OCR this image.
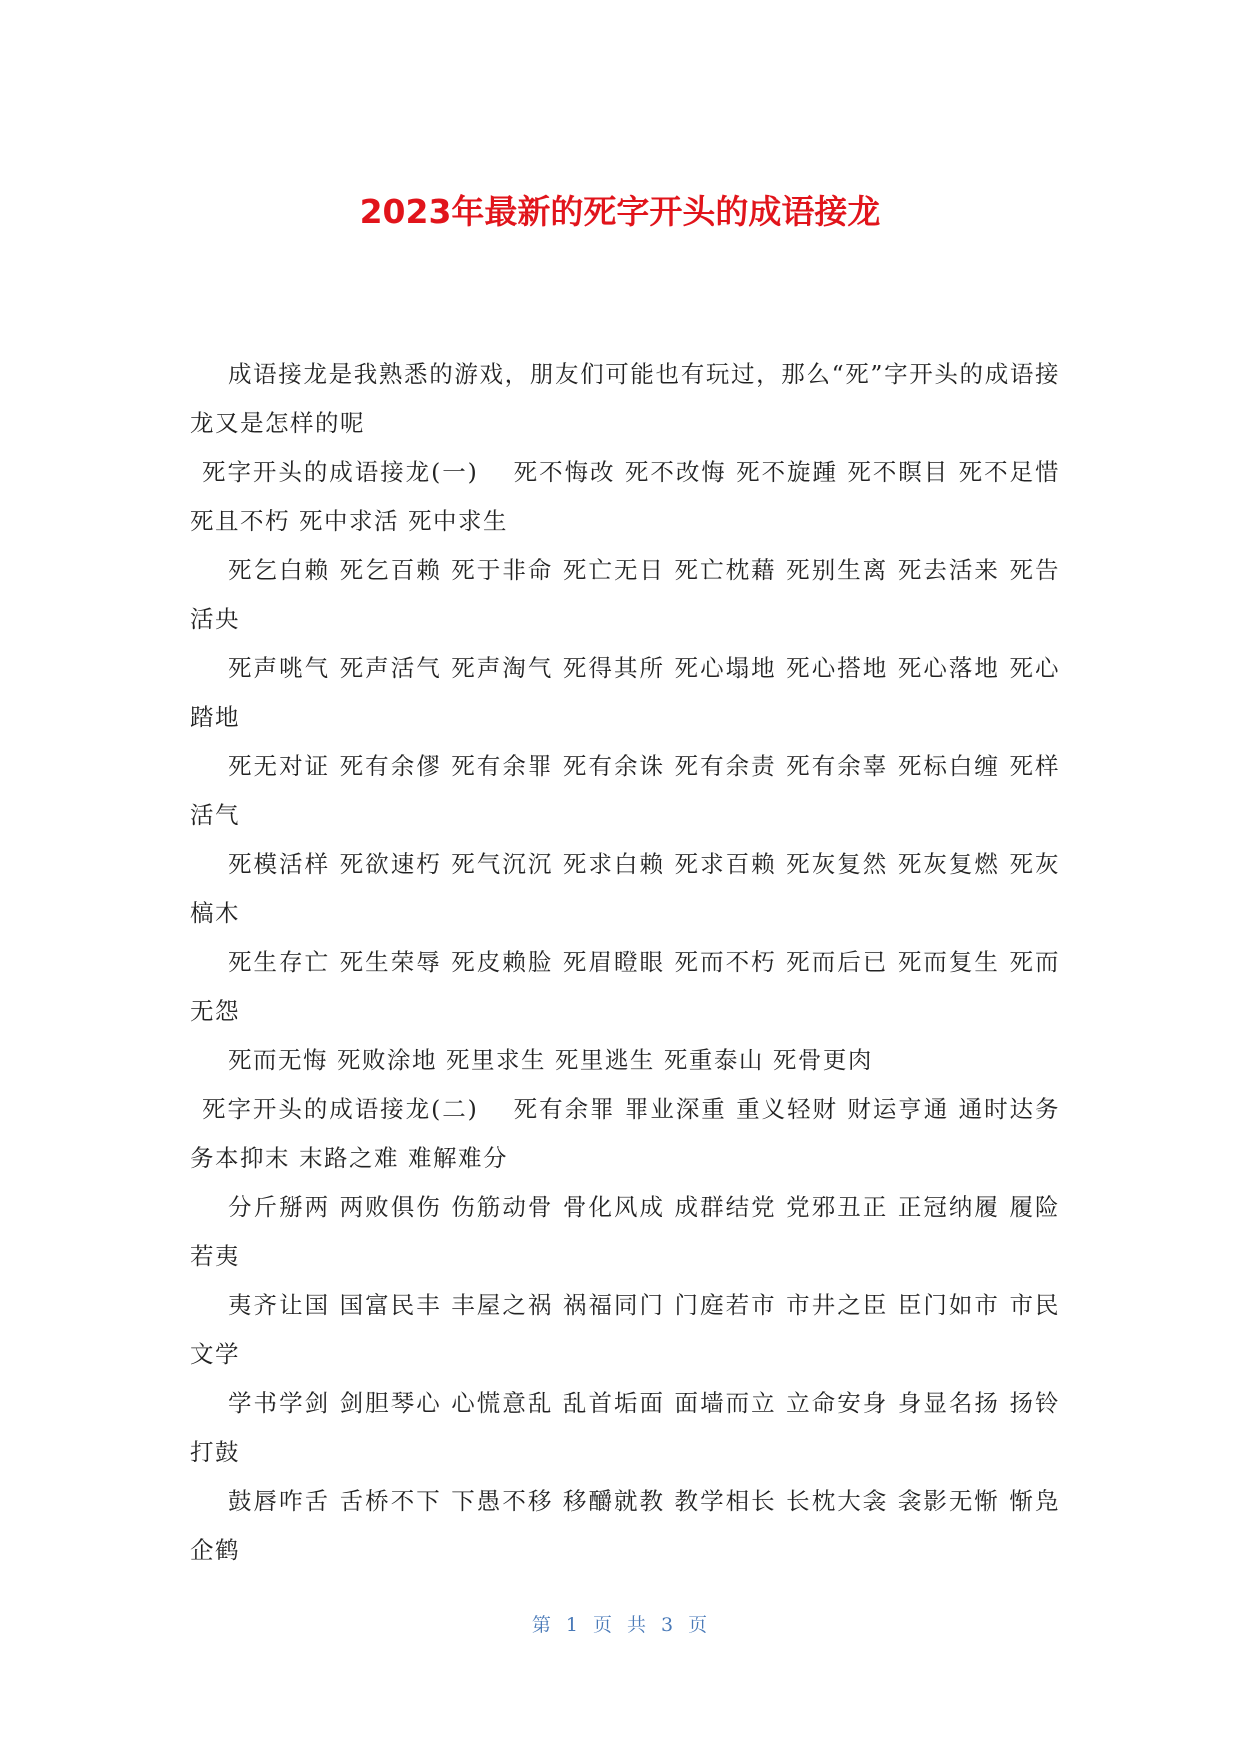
2023年最新的死字开头的成语接龙

成语接龙是我熟悉的游戏，朋友们可能也有玩过，那么“死”字开头的成语接龙又是怎样的呢

死字开头的成语接龙(一)　 死不悔改 死不改悔 死不旋踵 死不瞑目 死不足惜 死且不朽 死中求活 死中求生

死乞白赖 死乞百赖 死于非命 死亡无日 死亡枕藉 死别生离 死去活来 死告活央

死声咷气 死声活气 死声淘气 死得其所 死心塌地 死心搭地 死心落地 死心踏地

死无对证 死有余僇 死有余罪 死有余诛 死有余责 死有余辜 死标白缠 死样活气

死模活样 死欲速朽 死气沉沉 死求白赖 死求百赖 死灰复然 死灰复燃 死灰槁木

死生存亡 死生荣辱 死皮赖脸 死眉瞪眼 死而不朽 死而后已 死而复生 死而无怨

死而无悔 死败涂地 死里求生 死里逃生 死重泰山 死骨更肉

死字开头的成语接龙(二)　 死有余罪 罪业深重 重义轻财 财运亨通 通时达务 务本抑末 末路之难 难解难分

分斤掰两 两败俱伤 伤筋动骨 骨化风成 成群结党 党邪丑正 正冠纳履 履险若夷

夷齐让国 国富民丰 丰屋之祸 祸福同门 门庭若市 市井之臣 臣门如市 市民文学

学书学剑 剑胆琴心 心慌意乱 乱首垢面 面墙而立 立命安身 身显名扬 扬铃打鼓

鼓唇咋舌 舌桥不下 下愚不移 移釂就教 教学相长 长枕大衾 衾影无惭 惭凫企鹤

第 1 页 共 3 页
